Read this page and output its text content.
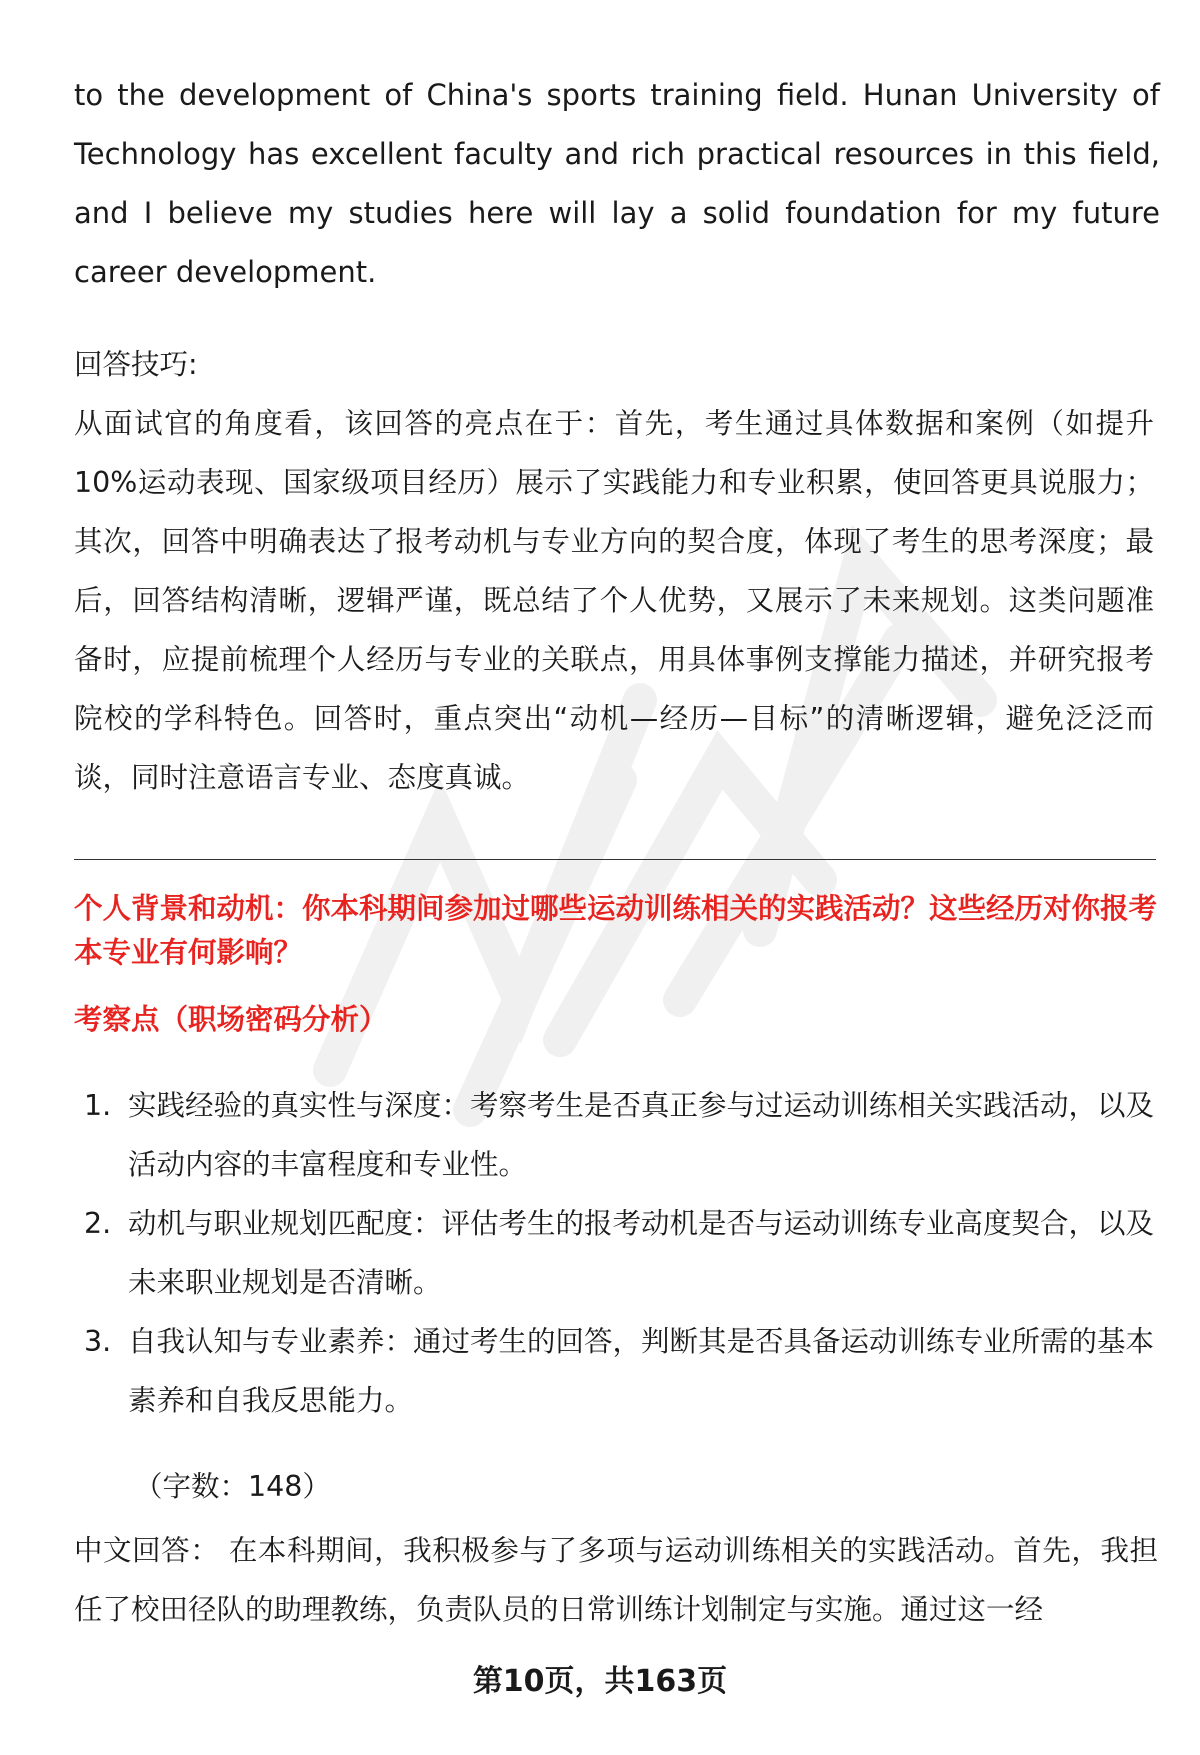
to the development of China's sports training field. Hunan University of Technology has excellent faculty and rich practical resources in this field, and I believe my studies here will lay a solid foundation for my future career development.

回答技巧:

从面试官的角度看，该回答的亮点在于：首先，考生通过具体数据和案例（如提升10%运动表现、国家级项目经历）展示了实践能力和专业积累，使回答更具说服力；其次，回答中明确表达了报考动机与专业方向的契合度，体现了考生的思考深度；最后，回答结构清晰，逻辑严谨，既总结了个人优势，又展示了未来规划。这类问题准备时，应提前梳理个人经历与专业的关联点，用具体事例支撑能力描述，并研究报考院校的学科特色。回答时，重点突出“动机—经历—目标”的清晰逻辑，避免泛泛而谈，同时注意语言专业、态度真诚。

个人背景和动机：你本科期间参加过哪些运动训练相关的实践活动？这些经历对你报考本专业有何影响？

考察点（职场密码分析）

1. 实践经验的真实性与深度：考察考生是否真正参与过运动训练相关实践活动，以及活动内容的丰富程度和专业性。
2. 动机与职业规划匹配度：评估考生的报考动机是否与运动训练专业高度契合，以及未来职业规划是否清晰。
3. 自我认知与专业素养：通过考生的回答，判断其是否具备运动训练专业所需的基本素养和自我反思能力。

（字数：148）

中文回答： 在本科期间，我积极参与了多项与运动训练相关的实践活动。首先，我担任了校田径队的助理教练，负责队员的日常训练计划制定与实施。通过这一经

第10页，共163页
